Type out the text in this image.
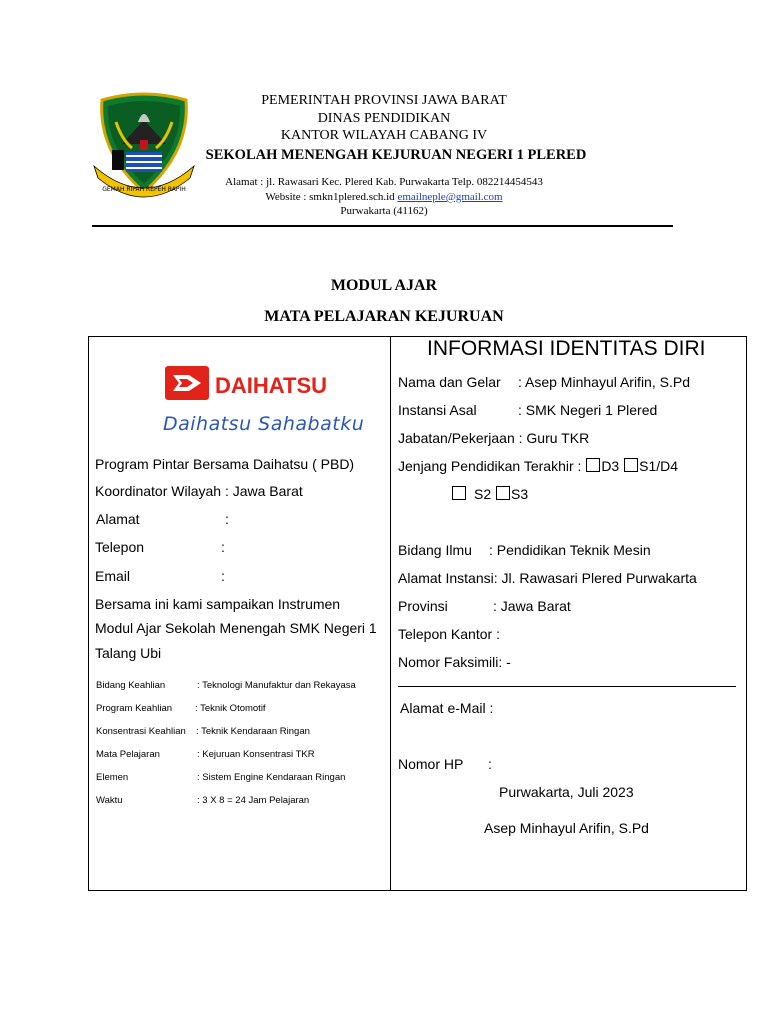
GEMAH RIPAH REPEH RAPIH
PEMERINTAH PROVINSI JAWA BARAT
DINAS PENDIDIKAN
KANTOR WILAYAH CABANG IV
SEKOLAH MENENGAH KEJURUAN NEGERI 1 PLERED
Alamat : jl. Rawasari Kec. Plered Kab. Purwakarta Telp. 082214454543
Website : smkn1plered.sch.id emailneple@gmail.com
Purwakarta (41162)
MODUL AJAR
MATA PELAJARAN KEJURUAN
DAIHATSU
Daihatsu Sahabatku
Program Pintar Bersama Daihatsu ( PBD)
Koordinator Wilayah : Jawa Barat
Alamat	:
Telepon	:
Email	:
Bersama ini kami sampaikan Instrumen
Modul Ajar Sekolah Menengah SMK Negeri 1
Talang Ubi
Bidang Keahlian	: Teknologi Manufaktur dan Rekayasa
Program Keahlian : Teknik Otomotif
Konsentrasi Keahlian : Teknik Kendaraan Ringan
Mata Pelajaran	: Kejuruan Konsentrasi TKR
Elemen	: Sistem Engine Kendaraan Ringan
Waktu	: 3 X 8 = 24 Jam Pelajaran
INFORMASI IDENTITAS DIRI
Nama dan Gelar : Asep Minhayul Arifin, S.Pd
Instansi Asal	: SMK Negeri 1 Plered
Jabatan/Pekerjaan : Guru TKR
Jenjang Pendidikan Terakhir : D3 S1/D4
S2 S3
Bidang Ilmu : Pendidikan Teknik Mesin
Alamat Instansi: Jl. Rawasari Plered Purwakarta
Provinsi	: Jawa Barat
Telepon Kantor :
Nomor Faksimili: -
Alamat e-Mail :
Nomor HP :
Purwakarta, Juli 2023
Asep Minhayul Arifin, S.Pd
